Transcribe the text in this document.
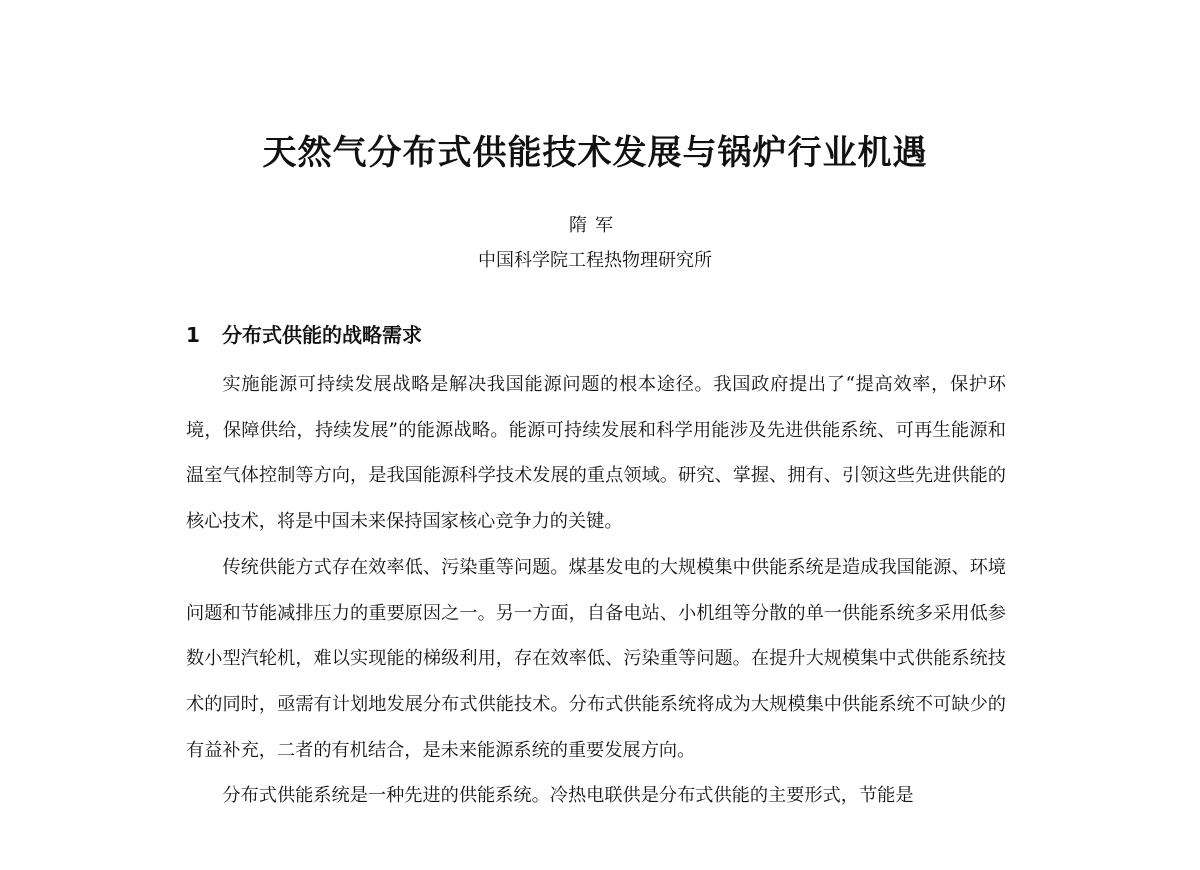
天然气分布式供能技术发展与锅炉行业机遇
隋军
中国科学院工程热物理研究所
1 分布式供能的战略需求

实施能源可持续发展战略是解决我国能源问题的根本途径。我国政府提出了“提高效率，保护环境，保障供给，持续发展”的能源战略。能源可持续发展和科学用能涉及先进供能系统、可再生能源和温室气体控制等方向，是我国能源科学技术发展的重点领域。研究、掌握、拥有、引领这些先进供能的核心技术，将是中国未来保持国家核心竞争力的关键。

传统供能方式存在效率低、污染重等问题。煤基发电的大规模集中供能系统是造成我国能源、环境问题和节能减排压力的重要原因之一。另一方面，自备电站、小机组等分散的单一供能系统多采用低参数小型汽轮机，难以实现能的梯级利用，存在效率低、污染重等问题。在提升大规模集中式供能系统技术的同时，亟需有计划地发展分布式供能技术。分布式供能系统将成为大规模集中供能系统不可缺少的有益补充，二者的有机结合，是未来能源系统的重要发展方向。

分布式供能系统是一种先进的供能系统。冷热电联供是分布式供能的主要形式，节能是
